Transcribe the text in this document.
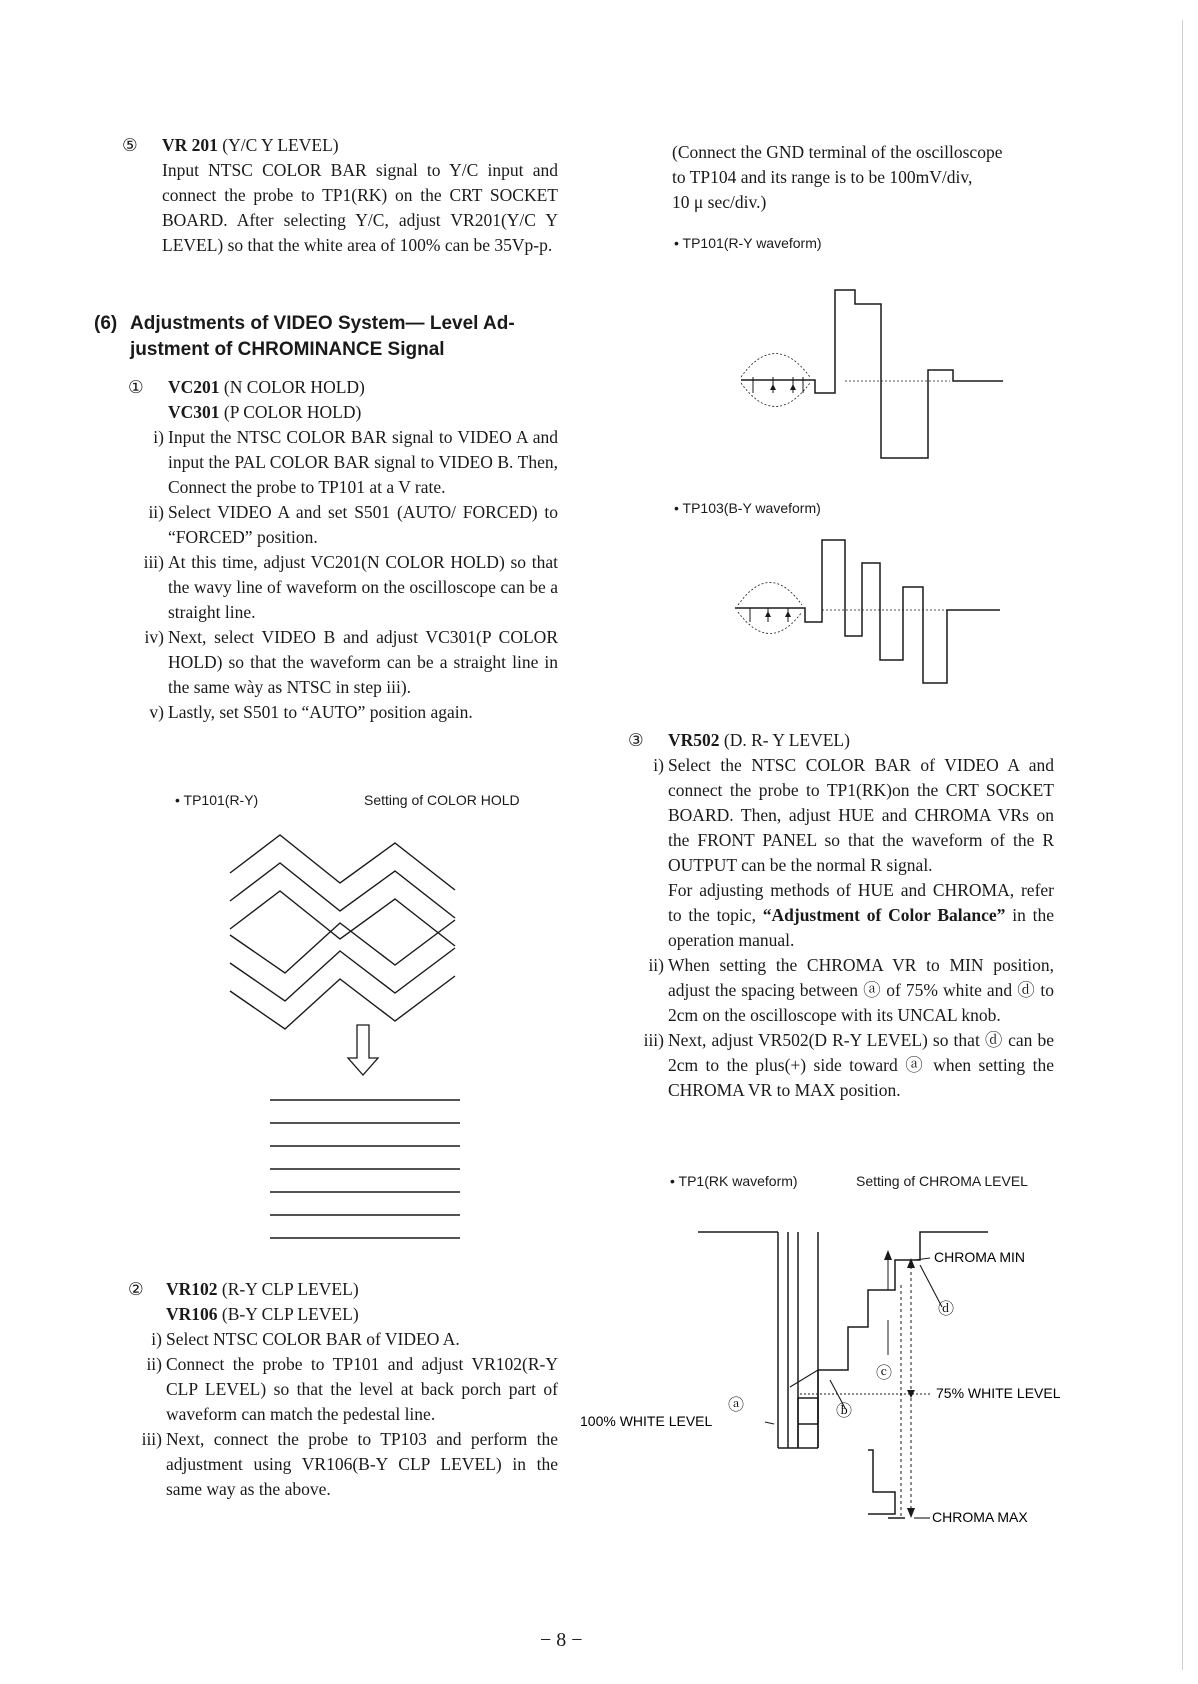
⑤	VR 201 (Y/C Y LEVEL)
Input NTSC COLOR BAR signal to Y/C input and connect the probe to TP1(RK) on the CRT SOCKET BOARD. After selecting Y/C, adjust VR201(Y/C Y LEVEL) so that the white area of 100% can be 35Vp-p.
(6) Adjustments of VIDEO System— Level Ad-
justment of CHROMINANCE Signal
①	VC201 (N COLOR HOLD)
VC301 (P COLOR HOLD)
i) Input the NTSC COLOR BAR signal to VIDEO A and input the PAL COLOR BAR signal to VIDEO B. Then, Connect the probe to TP101 at a V rate.
ii) Select VIDEO A and set S501 (AUTO/ FORCED) to “FORCED” position.
iii) At this time, adjust VC201(N COLOR HOLD) so that the wavy line of waveform on the oscilloscope can be a straight line.
iv) Next, select VIDEO B and adjust VC301(P COLOR HOLD) so that the waveform can be a straight line in the same wày as NTSC in step iii).
v) Lastly, set S501 to “AUTO” position again.
• TP101(R-Y)	Setting of COLOR HOLD
②	VR102 (R-Y CLP LEVEL)
VR106 (B-Y CLP LEVEL)
i) Select NTSC COLOR BAR of VIDEO A.
ii) Connect the probe to TP101 and adjust VR102(R-Y CLP LEVEL) so that the level at back porch part of waveform can match the pedestal line.
iii) Next, connect the probe to TP103 and perform the adjustment using VR106(B-Y CLP LEVEL) in the same way as the above.
(Connect the GND terminal of the oscilloscope
to TP104 and its range is to be 100mV/div,
10 μ sec/div.)
• TP101(R-Y waveform)
• TP103(B-Y waveform)
③	VR502 (D. R- Y LEVEL)
i) Select the NTSC COLOR BAR of VIDEO A and connect the probe to TP1(RK)on the CRT SOCKET BOARD. Then, adjust HUE and CHROMA VRs on the FRONT PANEL so that the waveform of the R OUTPUT can be the normal R signal.
For adjusting methods of HUE and CHROMA, refer to the topic, “Adjustment of Color Balance” in the operation manual.
ii) When setting the CHROMA VR to MIN position, adjust the spacing between ⓐ of 75% white and ⓓ to 2cm on the oscilloscope with its UNCAL knob.
iii) Next, adjust VR502(D R-Y LEVEL) so that ⓓ can be 2cm to the plus(+) side toward ⓐ when setting the CHROMA VR to MAX position.
• TP1(RK waveform)	Setting of CHROMA LEVEL
CHROMA MIN
CHROMA MAX
75% WHITE LEVEL
100% WHITE LEVEL
ⓐ	ⓑ
ⓒ
ⓓ
− 8 −
